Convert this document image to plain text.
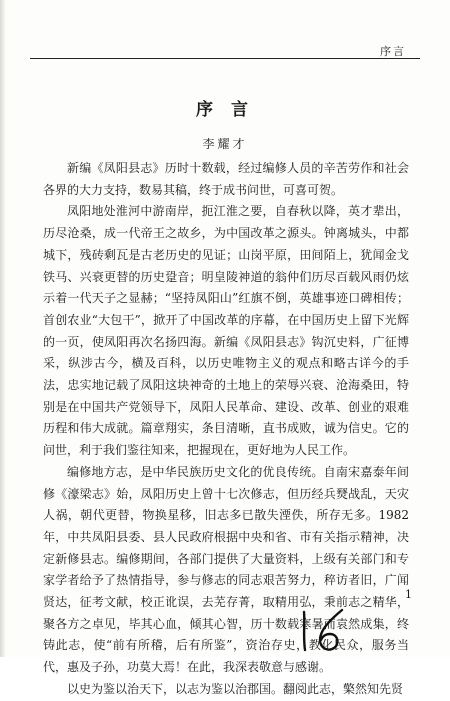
序言
序 言
李耀才

新编《凤阳县志》历时十数载，经过编修人员的辛苦劳作和社会各界的大力支持，数易其稿，终于成书问世，可喜可贺。

凤阳地处淮河中游南岸，扼江淮之要，自春秋以降，英才辈出，历尽沧桑，成一代帝王之故乡，为中国改革之源头。钟离城头，中都城下，残砖剩瓦是古老历史的见证；山岗平原，田间陌上，犹闻金戈铁马、兴衰更替的历史跫音；明皇陵神道的翁仲们历尽百载风雨仍炫示着一代天子之显赫；“坚持凤阳山”红旗不倒，英雄事迹口碑相传；首创农业“大包干”，掀开了中国改革的序幕，在中国历史上留下光辉的一页，使凤阳再次名扬四海。新编《凤阳县志》钩沉史料，广征博采，纵涉古今，横及百科，以历史唯物主义的观点和略古详今的手法，忠实地记载了凤阳这块神奇的土地上的荣辱兴衰、沧海桑田，特别是在中国共产党领导下，凤阳人民革命、建设、改革、创业的艰难历程和伟大成就。篇章翔实，条目清晰，直书成败，诚为信史。它的问世，利于我们鉴往知来，把握现在，更好地为人民工作。

编修地方志，是中华民族历史文化的优良传统。自南宋嘉泰年间修《濠梁志》始，凤阳历史上曾十七次修志，但历经兵燹战乱，天灾人祸，朝代更替，物换星移，旧志多已散失湮佚，所存无多。1982年，中共凤阳县委、县人民政府根据中央和省、市有关指示精神，决定新修县志。编修期间，各部门提供了大量资料，上级有关部门和专家学者给予了热情指导，参与修志的同志艰苦努力，稡访者旧，广闻贤达，征考文献，校正讹误，去芜存菁，取精用弘，秉前志之精华，聚各方之卓见，毕其心血，倾其心智，历十数载寒暑而袁然成集，终铸此志，使“前有所稽，后有所鉴”，资治存史，教化民众，服务当代，惠及子孙，功莫大焉！在此，我深表敬意与感谢。

以史为鉴以治天下，以志为鉴以治郡国。翻阅此志，檠然知先贤

1
